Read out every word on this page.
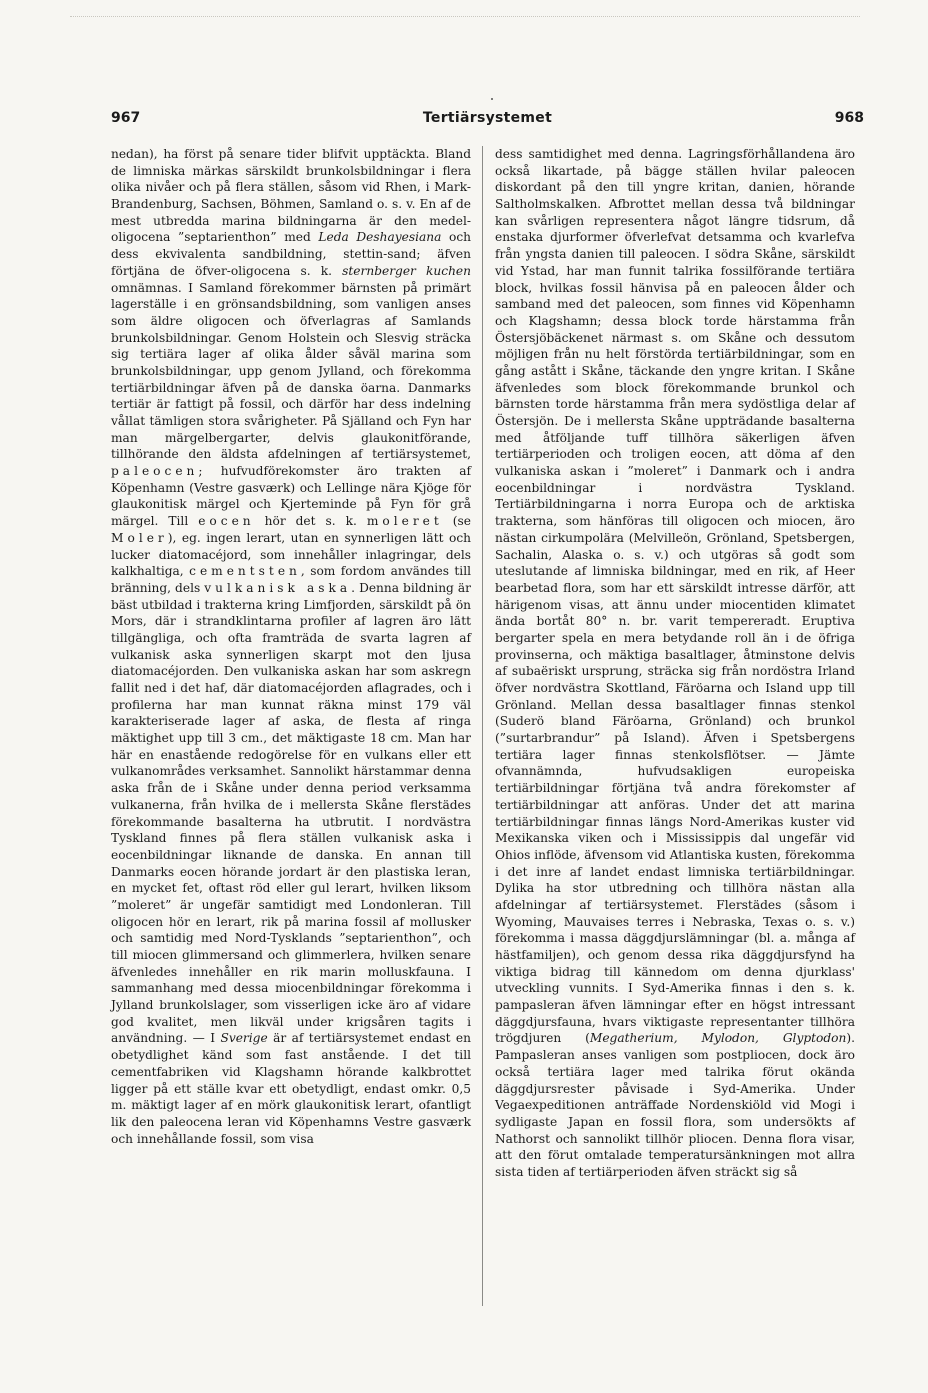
967	Tertiärsystemet	968

nedan), ha först på senare tider blifvit upptäckta. Bland de limniska märkas särskildt brunkolsbildningar i flera olika nivåer och på flera ställen, såsom vid Rhen, i Mark-Brandenburg, Sachsen, Böhmen, Samland o. s. v. En af de mest utbredda marina bildningarna är den medel-oligocena ”septarienthon” med Leda Deshayesiana och dess ekvivalenta sandbildning, stettin-sand; äfven förtjäna de öfver-oligocena s. k. sternberger kuchen omnämnas. I Samland förekommer bärnsten på primärt lagerställe i en grönsandsbildning, som vanligen anses som äldre oligocen och öfverlagras af Samlands brunkolsbildningar. Genom Holstein och Slesvig sträcka sig tertiära lager af olika ålder såväl marina som brunkolsbildningar, upp genom Jylland, och förekomma tertiärbildningar äfven på de danska öarna. Danmarks tertiär är fattigt på fossil, och därför har dess indelning vållat tämligen stora svårigheter. På Själland och Fyn har man märgelbergarter, delvis glaukonitförande, tillhörande den äldsta afdelningen af tertiärsystemet, paleocen; hufvudförekomster äro trakten af Köpenhamn (Vestre gasværk) och Lellinge nära Kjöge för glaukonitisk märgel och Kjerteminde på Fyn för grå märgel. Till eocen hör det s. k. moleret (se Moler), eg. ingen lerart, utan en synnerligen lätt och lucker diatomacéjord, som innehåller inlagringar, dels kalkhaltiga, cementsten, som fordom användes till bränning, dels vulkanisk aska. Denna bildning är bäst utbildad i trakterna kring Limfjorden, särskildt på ön Mors, där i strandklintarna profiler af lagren äro lätt tillgängliga, och ofta framträda de svarta lagren af vulkanisk aska synnerligen skarpt mot den ljusa diatomacéjorden. Den vulkaniska askan har som askregn fallit ned i det haf, där diatomacéjorden aflagrades, och i profilerna har man kunnat räkna minst 179 väl karakteriserade lager af aska, de flesta af ringa mäktighet upp till 3 cm., det mäktigaste 18 cm. Man har här en enastående redogörelse för en vulkans eller ett vulkanområdes verksamhet. Sannolikt härstammar denna aska från de i Skåne under denna period verksamma vulkanerna, från hvilka de i mellersta Skåne flerstädes förekommande basalterna ha utbrutit. I nordvästra Tyskland finnes på flera ställen vulkanisk aska i eocenbildningar liknande de danska. En annan till Danmarks eocen hörande jordart är den plastiska leran, en mycket fet, oftast röd eller gul lerart, hvilken liksom ”moleret” är ungefär samtidigt med Londonleran. Till oligocen hör en lerart, rik på marina fossil af mollusker och samtidig med Nord-Tysklands ”septarienthon”, och till miocen glimmersand och glimmerlera, hvilken senare äfvenledes innehåller en rik marin molluskfauna. I sammanhang med dessa miocenbildningar förekomma i Jylland brunkolslager, som visserligen icke äro af vidare god kvalitet, men likväl under krigsåren tagits i användning. — I Sverige är af tertiärsystemet endast en obetydlighet känd som fast anstående. I det till cementfabriken vid Klagshamn hörande kalkbrottet ligger på ett ställe kvar ett obetydligt, endast omkr. 0,5 m. mäktigt lager af en mörk glaukonitisk lerart, ofantligt lik den paleocena leran vid Köpenhamns Vestre gasværk och innehållande fossil, som visa

dess samtidighet med denna. Lagringsförhållandena äro också likartade, på bägge ställen hvilar paleocen diskordant på den till yngre kritan, danien, hörande Saltholmskalken. Afbrottet mellan dessa två bildningar kan svårligen representera något längre tidsrum, då enstaka djurformer öfverlefvat detsamma och kvarlefva från yngsta danien till paleocen. I södra Skåne, särskildt vid Ystad, har man funnit talrika fossilförande tertiära block, hvilkas fossil hänvisa på en paleocen ålder och samband med det paleocen, som finnes vid Köpenhamn och Klagshamn; dessa block torde härstamma från Östersjöbäckenet närmast s. om Skåne och dessutom möjligen från nu helt förstörda tertiärbildningar, som en gång astått i Skåne, täckande den yngre kritan. I Skåne äfvenledes som block förekommande brunkol och bärnsten torde härstamma från mera sydöstliga delar af Östersjön. De i mellersta Skåne uppträdande basalterna med åtföljande tuff tillhöra säkerligen äfven tertiärperioden och troligen eocen, att döma af den vulkaniska askan i ”moleret” i Danmark och i andra eocenbildningar i nordvästra Tyskland. Tertiärbildningarna i norra Europa och de arktiska trakterna, som hänföras till oligocen och miocen, äro nästan cirkumpolära (Melvilleön, Grönland, Spetsbergen, Sachalin, Alaska o. s. v.) och utgöras så godt som uteslutande af limniska bildningar, med en rik, af Heer bearbetad flora, som har ett särskildt intresse därför, att härigenom visas, att ännu under miocentiden klimatet ända bortåt 80° n. br. varit tempereradt. Eruptiva bergarter spela en mera betydande roll än i de öfriga provinserna, och mäktiga basaltlager, åtminstone delvis af subaëriskt ursprung, sträcka sig från nordöstra Irland öfver nordvästra Skottland, Färöarna och Island upp till Grönland. Mellan dessa basaltlager finnas stenkol (Suderö bland Färöarna, Grönland) och brunkol (”surtarbrandur” på Island). Äfven i Spetsbergens tertiära lager finnas stenkolsflötser. — Jämte ofvannämnda, hufvudsakligen europeiska tertiärbildningar förtjäna två andra förekomster af tertiärbildningar att anföras. Under det att marina tertiärbildningar finnas längs Nord-Amerikas kuster vid Mexikanska viken och i Mississippis dal ungefär vid Ohios inflöde, äfvensom vid Atlantiska kusten, förekomma i det inre af landet endast limniska tertiärbildningar. Dylika ha stor utbredning och tillhöra nästan alla afdelningar af tertiärsystemet. Flerstädes (såsom i Wyoming, Mauvaises terres i Nebraska, Texas o. s. v.) förekomma i massa däggdjurslämningar (bl. a. många af hästfamiljen), och genom dessa rika däggdjursfynd ha viktiga bidrag till kännedom om denna djurklass' utveckling vunnits. I Syd-Amerika finnas i den s. k. pampasleran äfven lämningar efter en högst intressant däggdjursfauna, hvars viktigaste representanter tillhöra trögdjuren (Megatherium, Mylodon, Glyptodon). Pampasleran anses vanligen som postpliocen, dock äro också tertiära lager med talrika förut okända däggdjursrester påvisade i Syd-Amerika. Under Vegaexpeditionen anträffade Nordenskiöld vid Mogi i sydligaste Japan en fossil flora, som undersökts af Nathorst och sannolikt tillhör pliocen. Denna flora visar, att den förut omtalade temperatursänkningen mot allra sista tiden af tertiärperioden äfven sträckt sig så
